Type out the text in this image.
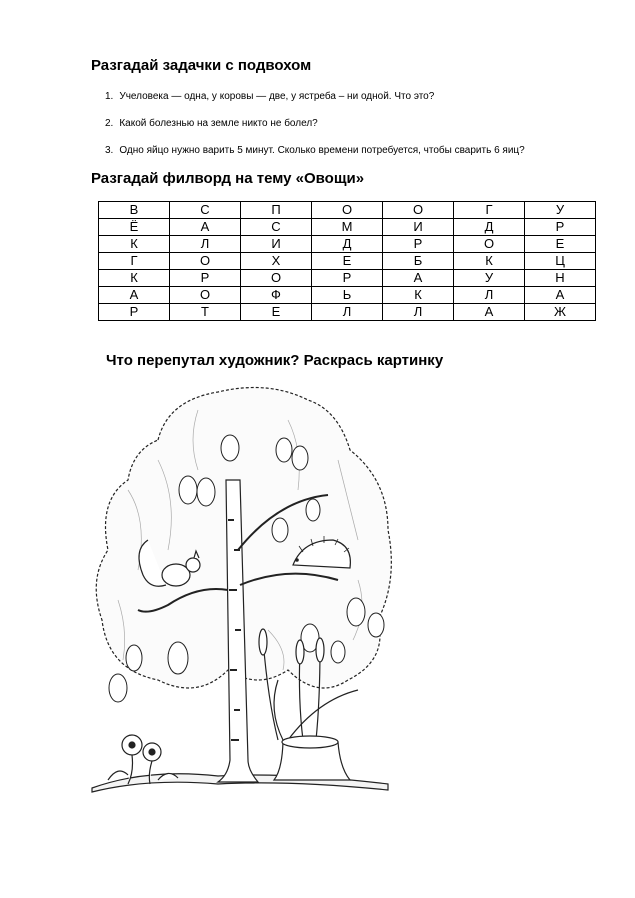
Разгадай задачки с подвохом
1. Учеловека — одна, у коровы — две, у ястреба – ни одной. Что это?
2. Какой болезнью на земле никто не болел?
3. Одно яйцо нужно варить 5 минут. Сколько времени потребуется, чтобы сварить 6 яиц?
Разгадай филворд на тему «Овощи»
В	С	П	О	О	Г	У
Ё	А	С	М	И	Д	Р
К	Л	И	Д	Р	О	Е
Г	О	Х	Е	Б	К	Ц
К	Р	О	Р	А	У	Н
А	О	Ф	Ь	К	Л	А
Р	Т	Е	Л	Л	А	Ж
Что перепутал художник? Раскрась картинку
